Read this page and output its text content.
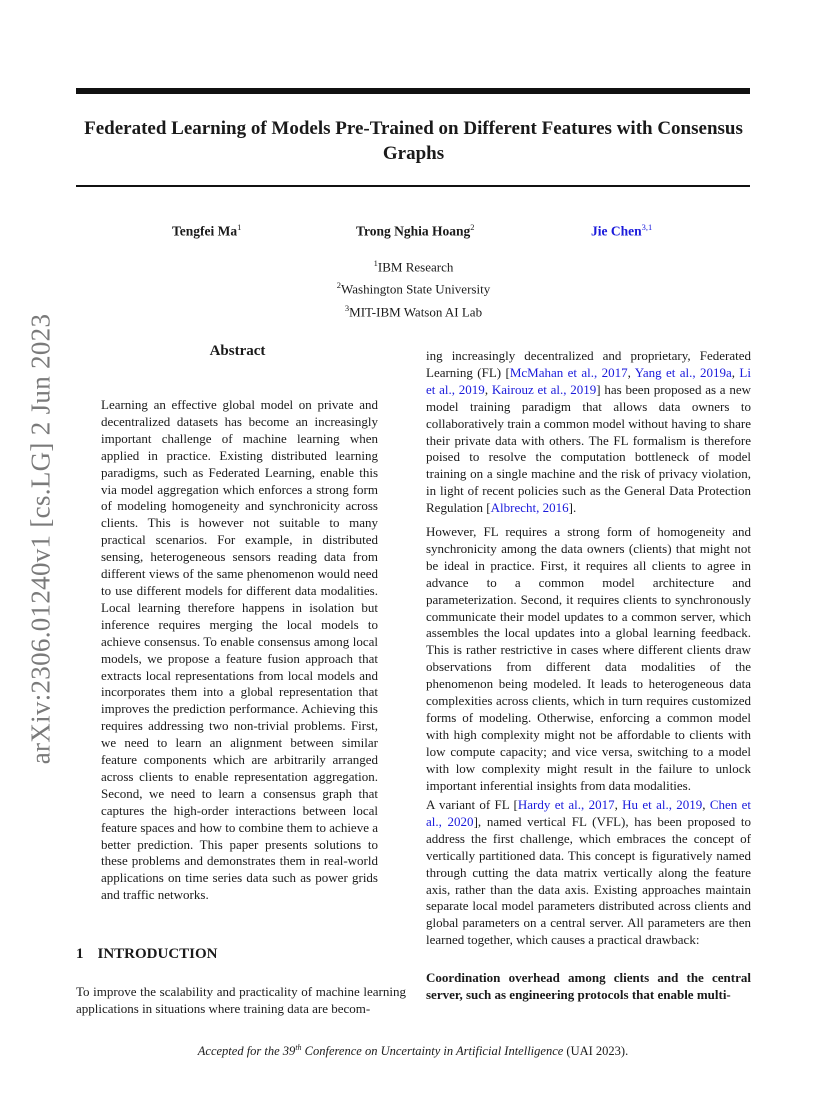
Federated Learning of Models Pre-Trained on Different Features with Consensus Graphs
Tengfei Ma$^1$	Trong Nghia Hoang$^2$	Jie Chen$^{3,1}$
$^1$IBM Research
$^2$Washington State University
$^3$MIT-IBM Watson AI Lab
arXiv:2306.01240v1 [cs.LG] 2 Jun 2023	Abstract
Learning an effective global model on private and decentralized datasets has become an increasingly important challenge of machine learning when applied in practice. Existing distributed learning paradigms, such as Federated Learning, enable this via model aggregation which enforces a strong form of modeling homogeneity and synchronicity across clients. This is however not suitable to many practical scenarios. For example, in distributed sensing, heterogeneous sensors reading data from different views of the same phenomenon would need to use different models for different data modalities. Local learning therefore happens in isolation but inference requires merging the local models to achieve consensus. To enable consensus among local models, we propose a feature fusion approach that extracts local representations from local models and incorporates them into a global representation that improves the prediction performance. Achieving this requires addressing two non-trivial problems. First, we need to learn an alignment between similar feature components which are arbitrarily arranged across clients to enable representation aggregation. Second, we need to learn a consensus graph that captures the high-order interactions between local feature spaces and how to combine them to achieve a better prediction. This paper presents solutions to these problems and demonstrates them in real-world applications on time series data such as power grids and traffic networks.
1 INTRODUCTION
To improve the scalability and practicality of machine learning applications in situations where training data are becom-
ing increasingly decentralized and proprietary, Federated Learning (FL) [McMahan et al., 2017, Yang et al., 2019a, Li et al., 2019, Kairouz et al., 2019] has been proposed as a new model training paradigm that allows data owners to collaboratively train a common model without having to share their private data with others. The FL formalism is therefore poised to resolve the computation bottleneck of model training on a single machine and the risk of privacy violation, in light of recent policies such as the General Data Protection Regulation [Albrecht, 2016].
However, FL requires a strong form of homogeneity and synchronicity among the data owners (clients) that might not be ideal in practice. First, it requires all clients to agree in advance to a common model architecture and parameterization. Second, it requires clients to synchronously communicate their model updates to a common server, which assembles the local updates into a global learning feedback. This is rather restrictive in cases where different clients draw observations from different data modalities of the phenomenon being modeled. It leads to heterogeneous data complexities across clients, which in turn requires customized forms of modeling. Otherwise, enforcing a common model with high complexity might not be affordable to clients with low compute capacity; and vice versa, switching to a model with low complexity might result in the failure to unlock important inferential insights from data modalities.
A variant of FL [Hardy et al., 2017, Hu et al., 2019, Chen et al., 2020], named vertical FL (VFL), has been proposed to address the first challenge, which embraces the concept of vertically partitioned data. This concept is figuratively named through cutting the data matrix vertically along the feature axis, rather than the data axis. Existing approaches maintain separate local model parameters distributed across clients and global parameters on a central server. All parameters are then learned together, which causes a practical drawback:
Coordination overhead among clients and the central server, such as engineering protocols that enable multi-
Accepted for the 39th Conference on Uncertainty in Artificial Intelligence (UAI 2023).
